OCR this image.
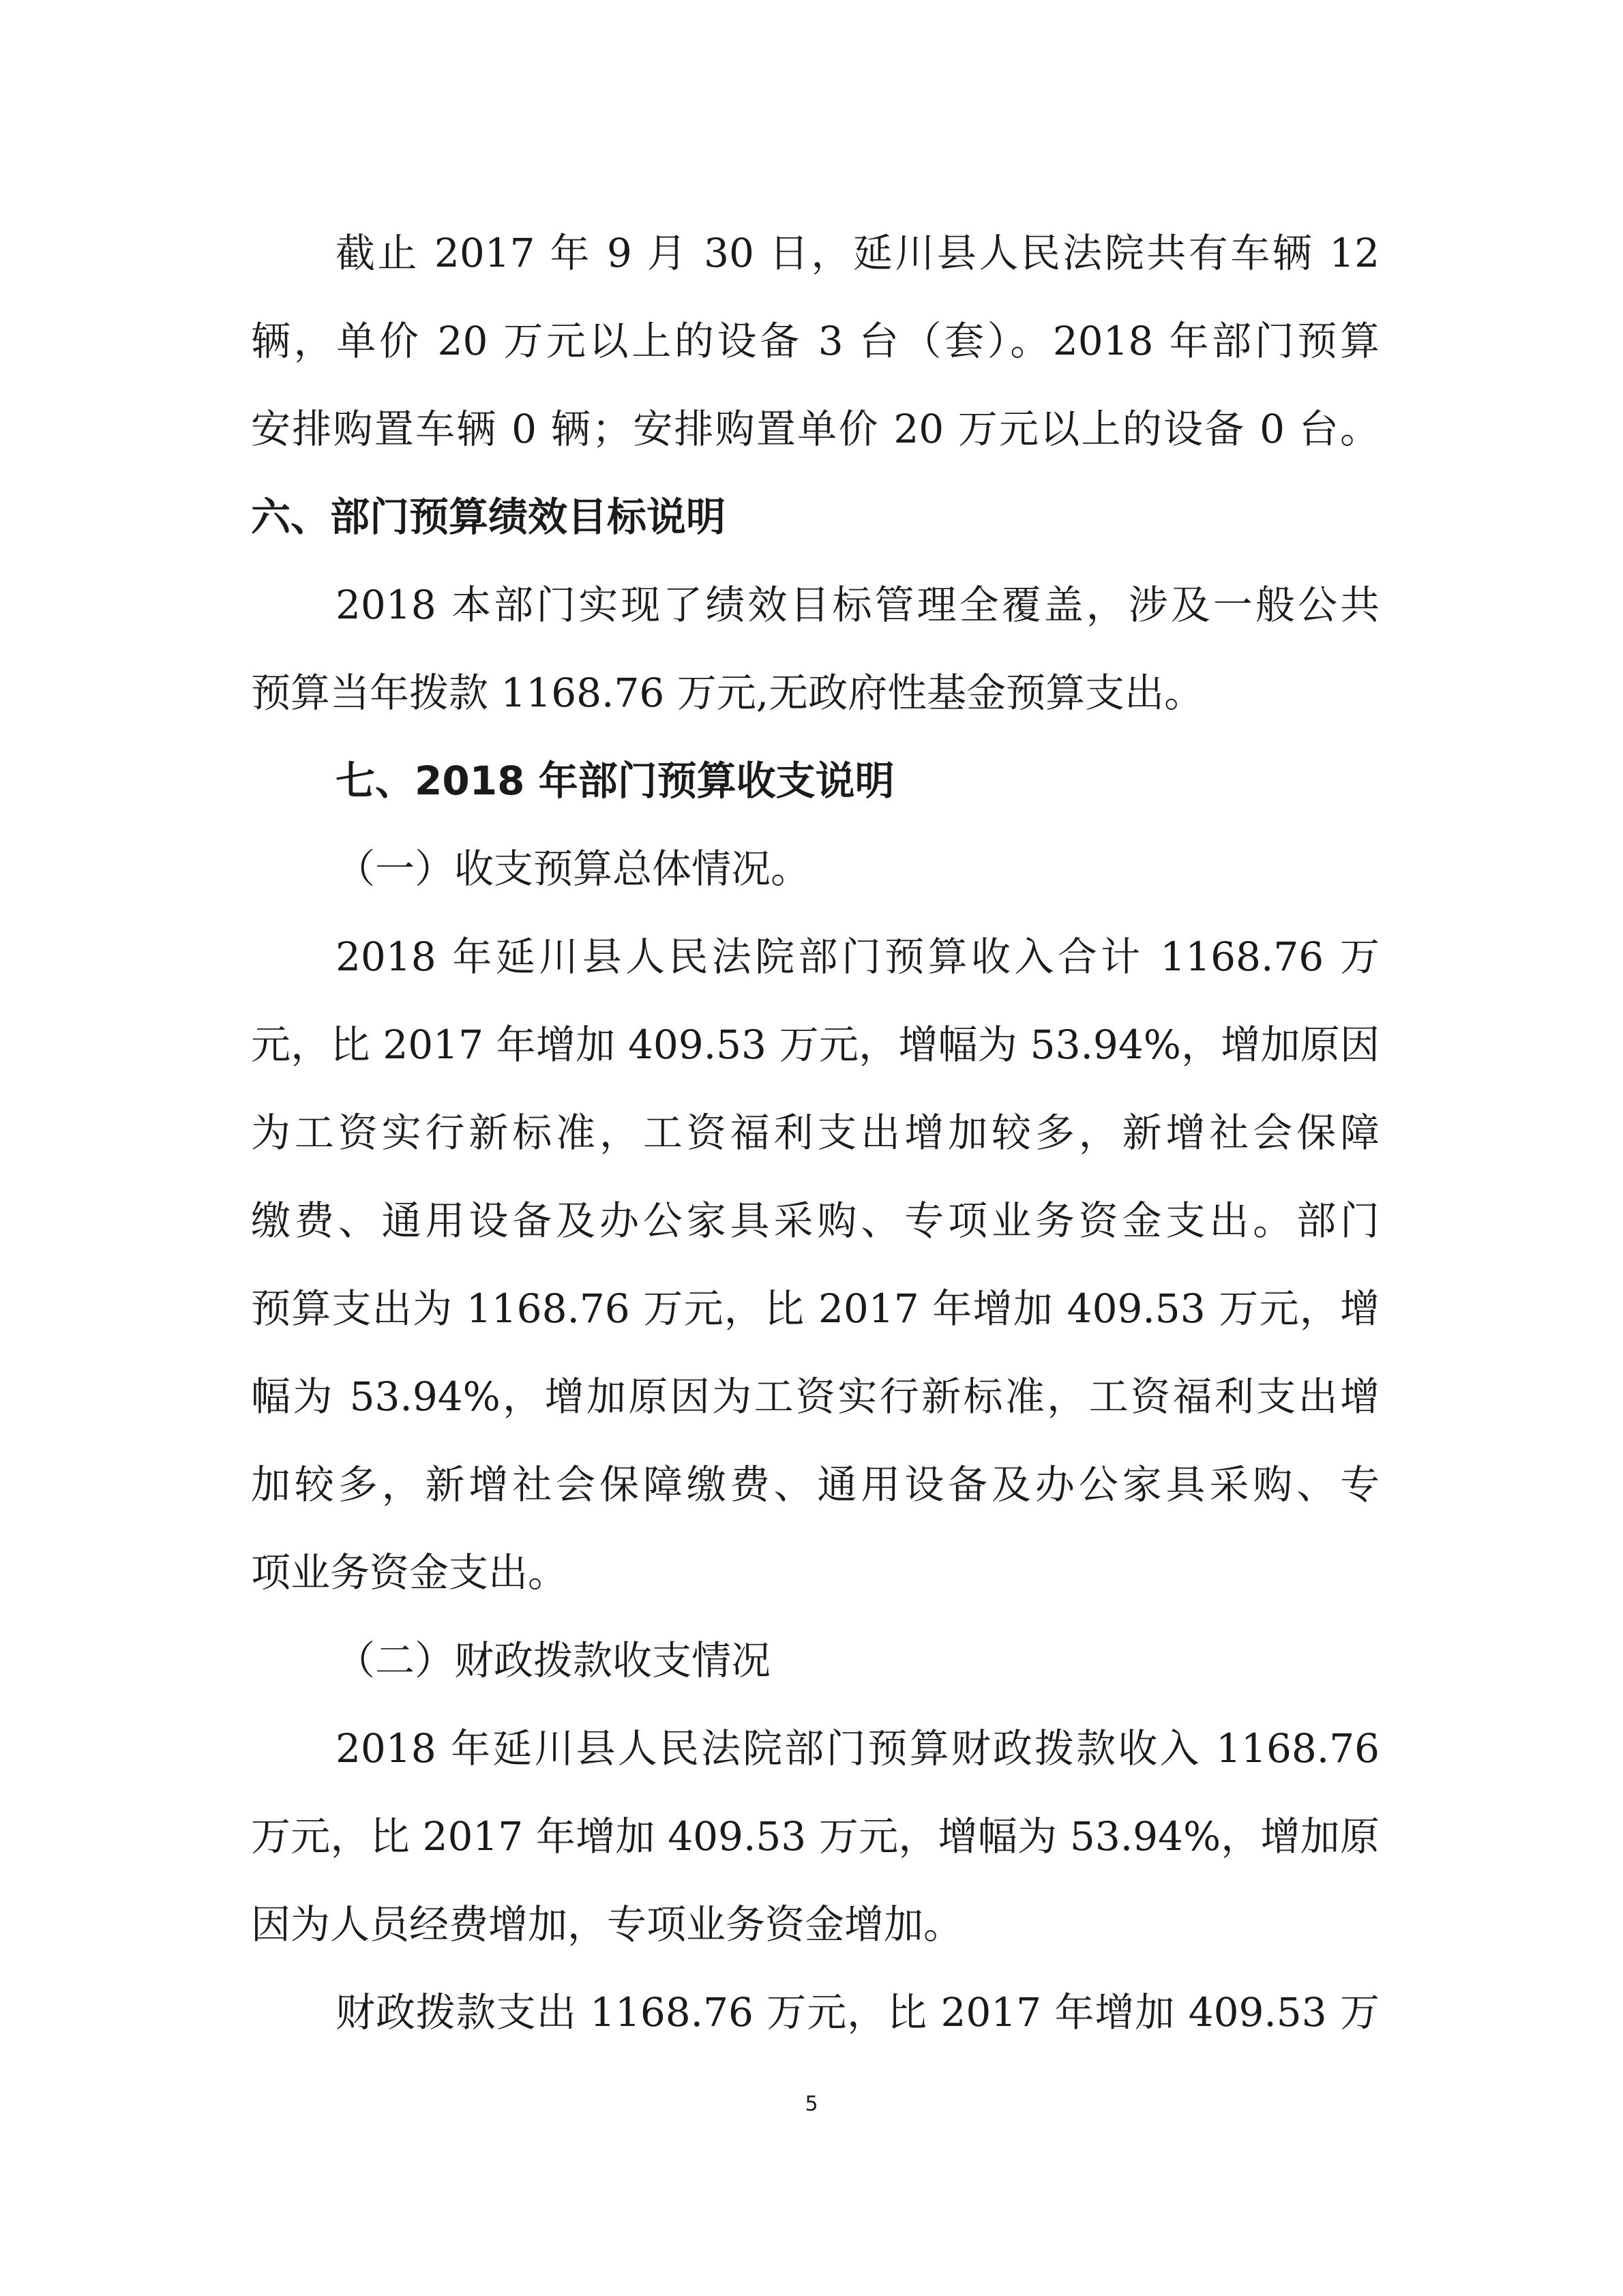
截止 2017 年 9 月 30 日，延川县人民法院共有车辆 12
辆，单价 20 万元以上的设备 3 台（套）。2018 年部门预算
安排购置车辆 0 辆；安排购置单价 20 万元以上的设备 0 台。
六、部门预算绩效目标说明
2018 本部门实现了绩效目标管理全覆盖，涉及一般公共
预算当年拨款 1168.76 万元,无政府性基金预算支出。
七、2018 年部门预算收支说明
（一）收支预算总体情况。
2018 年延川县人民法院部门预算收入合计 1168.76 万
元，比 2017 年增加 409.53 万元，增幅为 53.94%，增加原因
为工资实行新标准，工资福利支出增加较多，新增社会保障
缴费、通用设备及办公家具采购、专项业务资金支出。部门
预算支出为 1168.76 万元，比 2017 年增加 409.53 万元，增
幅为 53.94%，增加原因为工资实行新标准，工资福利支出增
加较多，新增社会保障缴费、通用设备及办公家具采购、专
项业务资金支出。
（二）财政拨款收支情况
2018 年延川县人民法院部门预算财政拨款收入 1168.76
万元，比 2017 年增加 409.53 万元，增幅为 53.94%，增加原
因为人员经费增加，专项业务资金增加。
财政拨款支出 1168.76 万元，比 2017 年增加 409.53 万
5
